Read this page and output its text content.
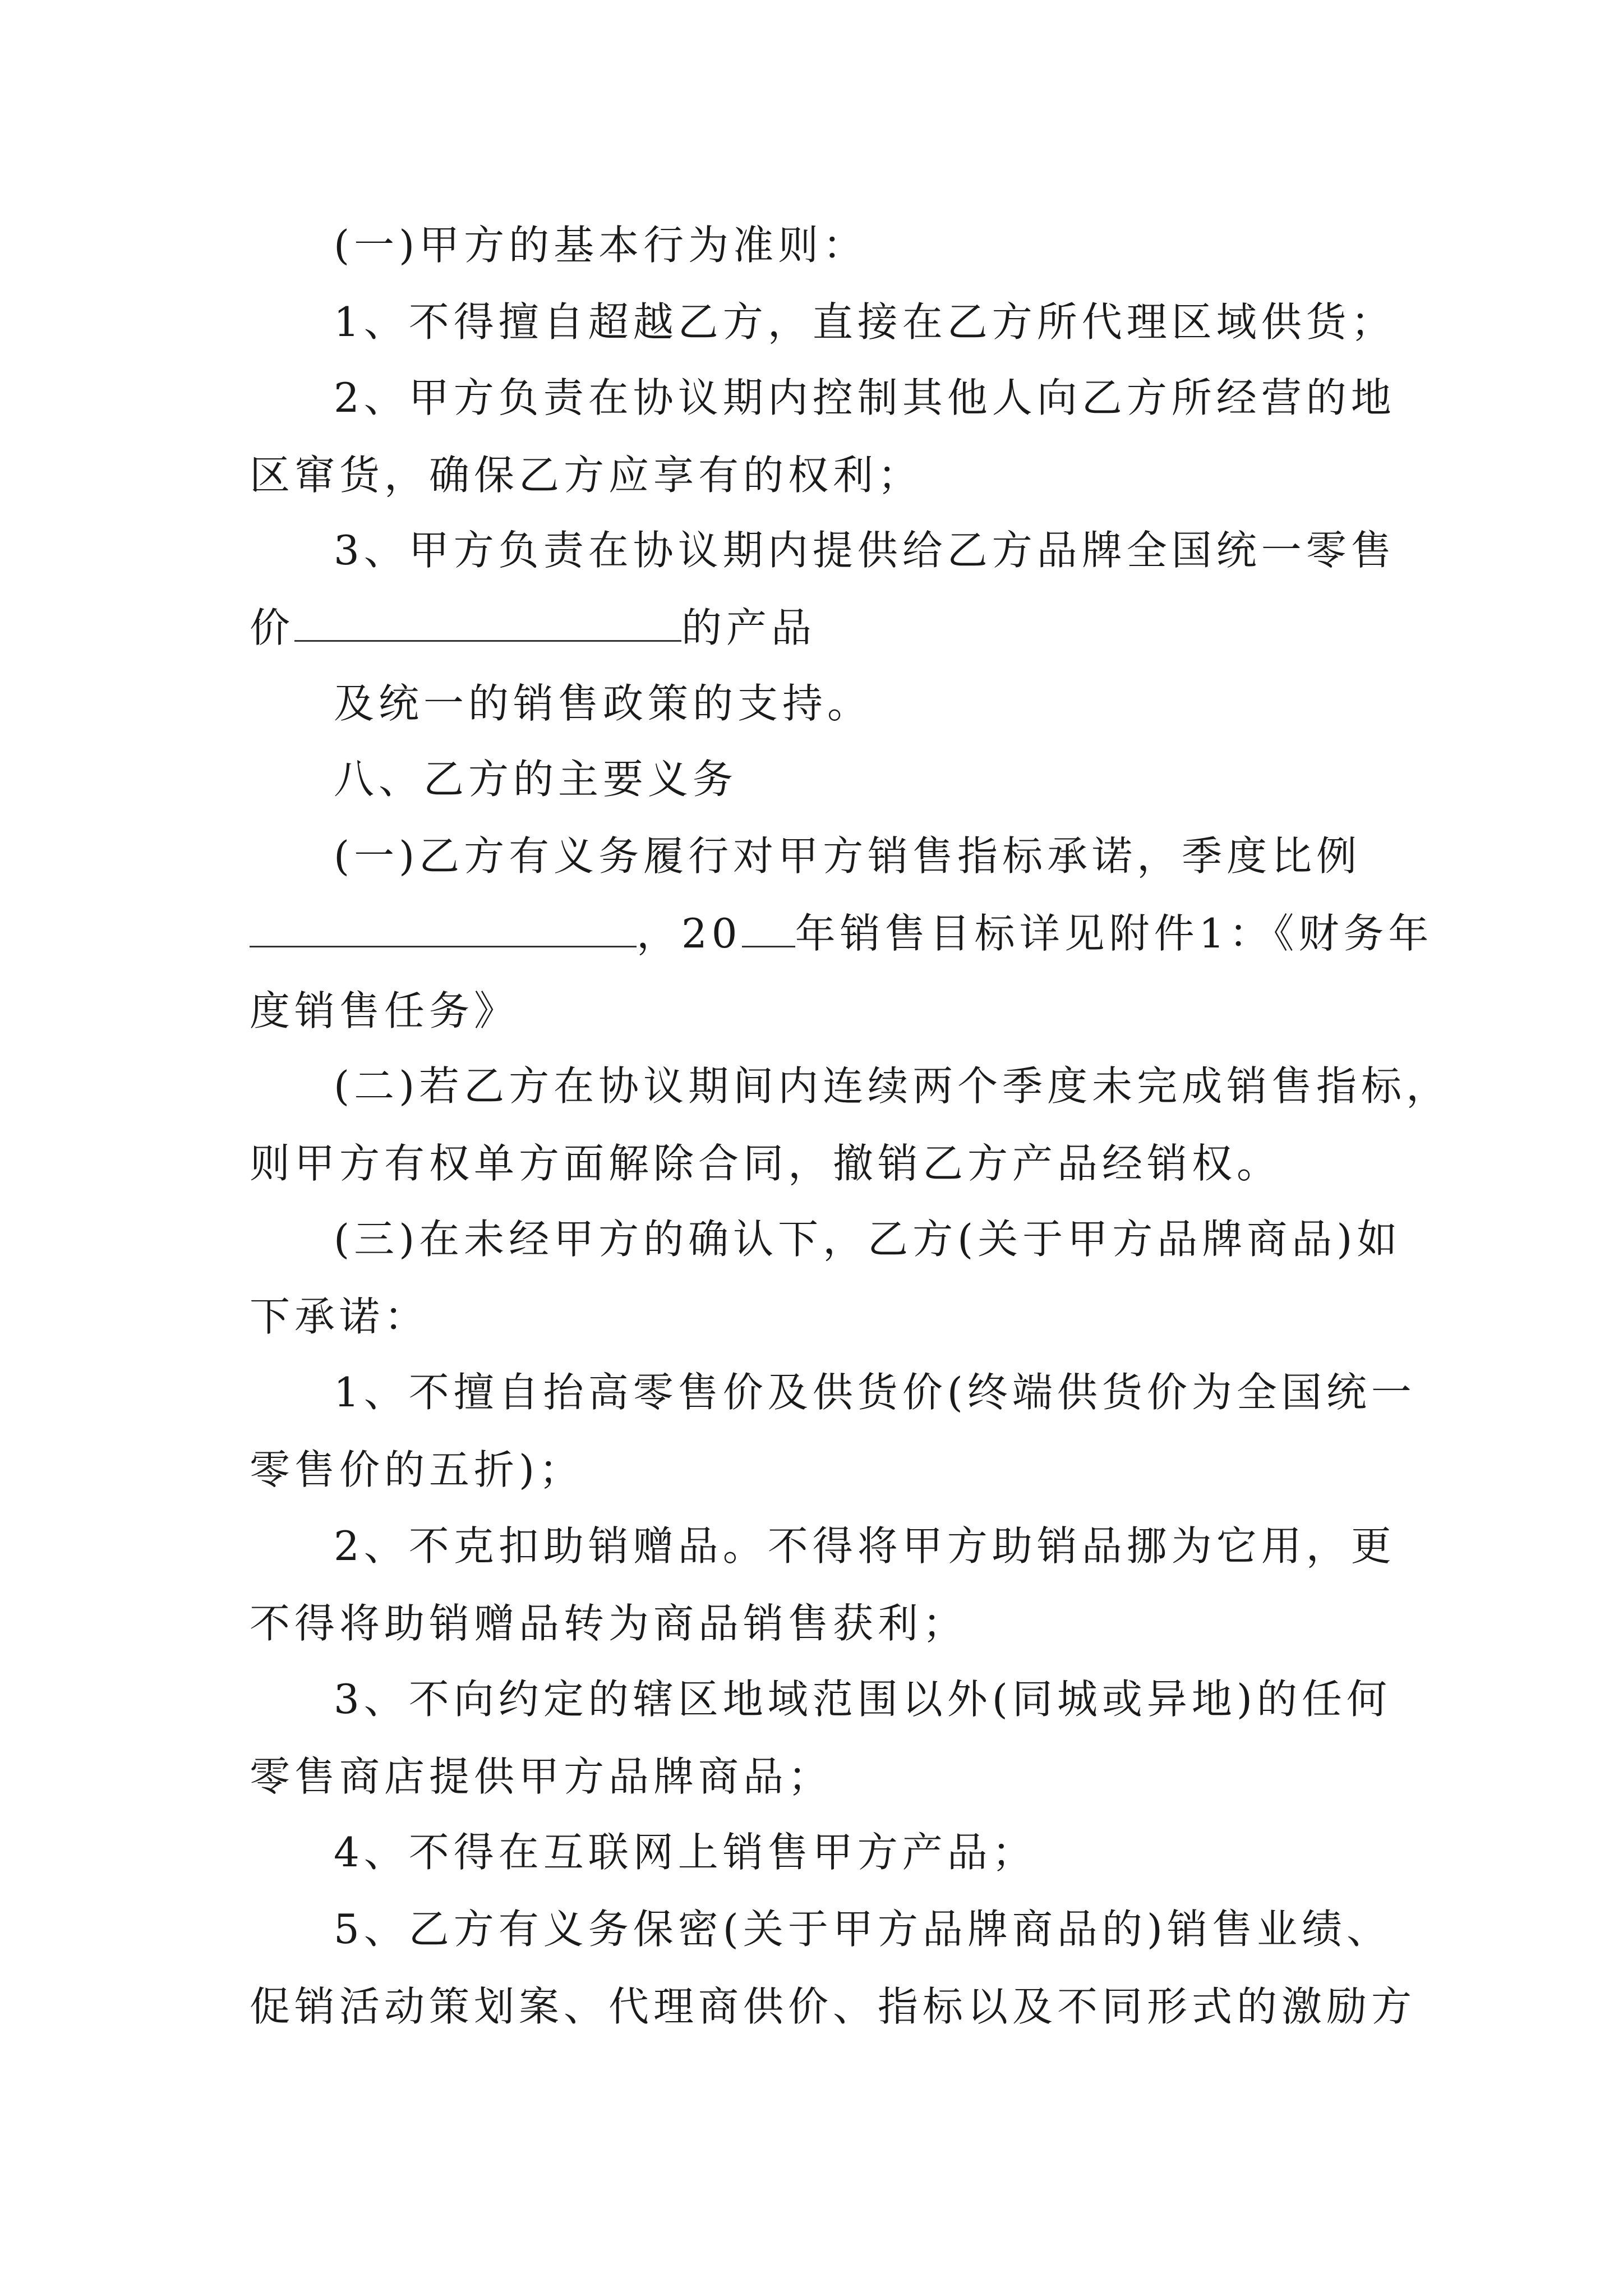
(一)甲方的基本行为准则：

1、不得擅自超越乙方，直接在乙方所代理区域供货；

2、甲方负责在协议期内控制其他人向乙方所经营的地
区窜货，确保乙方应享有的权利；

3、甲方负责在协议期内提供给乙方品牌全国统一零售
价	的产品

及统一的销售政策的支持。

八、乙方的主要义务

(一)乙方有义务履行对甲方销售指标承诺，季度比例
，20 年销售目标详见附件1：《财务年
度销售任务》

(二)若乙方在协议期间内连续两个季度未完成销售指标，
则甲方有权单方面解除合同，撤销乙方产品经销权。

(三)在未经甲方的确认下，乙方(关于甲方品牌商品)如
下承诺：

1、不擅自抬高零售价及供货价(终端供货价为全国统一
零售价的五折)；

2、不克扣助销赠品。不得将甲方助销品挪为它用，更
不得将助销赠品转为商品销售获利；

3、不向约定的辖区地域范围以外(同城或异地)的任何
零售商店提供甲方品牌商品；

4、不得在互联网上销售甲方产品；

5、乙方有义务保密(关于甲方品牌商品的)销售业绩、
促销活动策划案、代理商供价、指标以及不同形式的激励方
